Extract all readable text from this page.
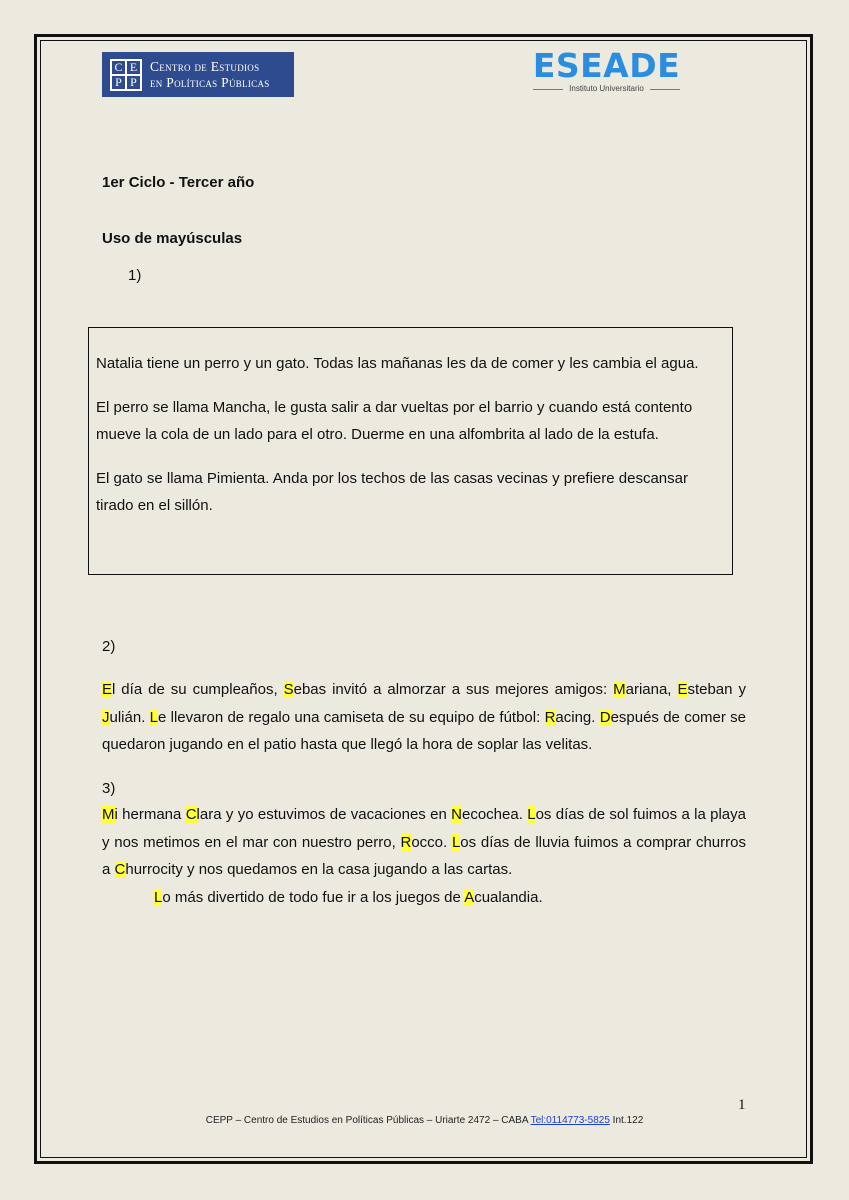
C E
P P
Centro de Estudios
en Políticas Públicas	ESEADE
Instituto Universitario
1er Ciclo - Tercer año
Uso de mayúsculas
1)

Natalia tiene un perro y un gato. Todas las mañanas les da de comer y les cambia el agua.

El perro se llama Mancha, le gusta salir a dar vueltas por el barrio y cuando está contento mueve la cola de un lado para el otro. Duerme en una alfombrita al lado de la estufa.

El gato se llama Pimienta. Anda por los techos de las casas vecinas y prefiere descansar tirado en el sillón.

2)

El día de su cumpleaños, Sebas invitó a almorzar a sus mejores amigos: Mariana, Esteban y Julián. Le llevaron de regalo una camiseta de su equipo de fútbol: Racing. Después de comer se quedaron jugando en el patio hasta que llegó la hora de soplar las velitas.

3)

Mi hermana Clara y yo estuvimos de vacaciones en Necochea. Los días de sol fuimos a la playa y nos metimos en el mar con nuestro perro, Rocco. Los días de lluvia fuimos a comprar churros a Churrocity y nos quedamos en la casa jugando a las cartas.

Lo más divertido de todo fue ir a los juegos de Acualandia.

1
CEPP – Centro de Estudios en Políticas Públicas – Uriarte 2472 – CABA Tel:0114773-5825 Int.122
